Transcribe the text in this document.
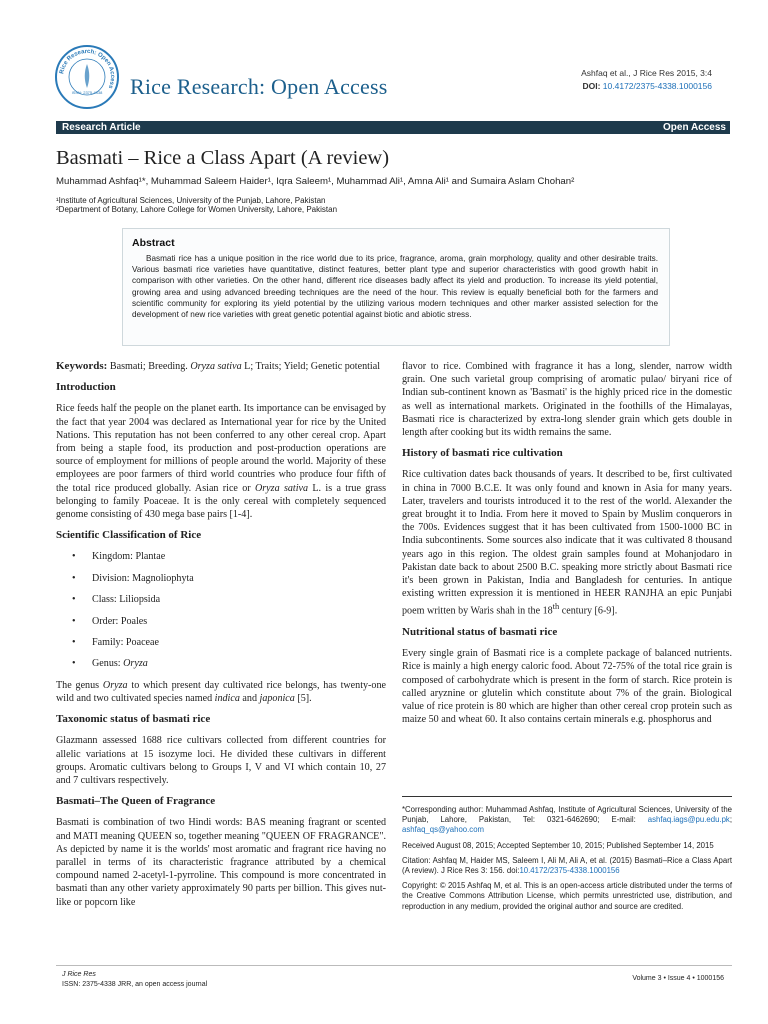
Rice Research: Open Access
ISSN: 2375-4338 Rice Research: Open Access
Ashfaq et al., J Rice Res 2015, 3:4
DOI: 10.4172/2375-4338.1000156
Research Article	Open Access
Basmati – Rice a Class Apart (A review)
Muhammad Ashfaq¹*, Muhammad Saleem Haider¹, Iqra Saleem¹, Muhammad Ali¹, Amna Ali¹ and Sumaira Aslam Chohan²
¹Institute of Agricultural Sciences, University of the Punjab, Lahore, Pakistan
²Department of Botany, Lahore College for Women University, Lahore, Pakistan
Abstract

Basmati rice has a unique position in the rice world due to its price, fragrance, aroma, grain morphology, quality and other desirable traits. Various basmati rice varieties have quantitative, distinct features, better plant type and superior characteristics with good growth habit in comparison with other varieties. On the other hand, different rice diseases badly affect its yield and production. To increase its yield potential, growing area and using advanced breeding techniques are the need of the hour. This review is equally beneficial both for the farmers and scientific community for exploring its yield potential by the utilizing various modern techniques and other marker assisted selection for the development of new rice varieties with great genetic potential against biotic and abiotic stress.

Keywords: Basmati; Breeding. Oryza sativa L; Traits; Yield; Genetic potential

Introduction

Rice feeds half the people on the planet earth. Its importance can be envisaged by the fact that year 2004 was declared as International year for rice by the United Nations. This reputation has not been conferred to any other cereal crop. Apart from being a staple food, its production and post-production operations are source of employment for millions of people around the world. Majority of these employees are poor farmers of third world countries who produce four fifth of the total rice produced globally. Asian rice or Oryza sativa L. is a true grass belonging to family Poaceae. It is the only cereal with completely sequenced genome consisting of 430 mega base pairs [1-4].

Scientific Classification of Rice
• Kingdom: Plantae
• Division: Magnoliophyta
• Class: Liliopsida
• Order: Poales
• Family: Poaceae
• Genus: Oryza

The genus Oryza to which present day cultivated rice belongs, has twenty-one wild and two cultivated species named indica and japonica [5].

Taxonomic status of basmati rice

Glazmann assessed 1688 rice cultivars collected from different countries for allelic variations at 15 isozyme loci. He divided these cultivars in different groups. Aromatic cultivars belong to Groups I, V and VI which contain 10, 27 and 7 cultivars respectively.

Basmati–The Queen of Fragrance

Basmati is combination of two Hindi words: BAS meaning fragrant or scented and MATI meaning QUEEN so, together meaning "QUEEN OF FRAGRANCE". As depicted by name it is the worlds' most aromatic and fragrant rice having no parallel in terms of its characteristic fragrance attributed by a chemical compound named 2-acetyl-1-pyrroline. This compound is more concentrated in basmati than any other variety approximately 90 parts per billion. This gives nut-like or popcorn like

flavor to rice. Combined with fragrance it has a long, slender, narrow width grain. One such varietal group comprising of aromatic pulao/ biryani rice of Indian sub-continent known as 'Basmati' is the highly priced rice in the domestic as well as international markets. Originated in the foothills of the Himalayas, Basmati rice is characterized by extra-long slender grain which gets double in length after cooking but its width remains the same.

History of basmati rice cultivation

Rice cultivation dates back thousands of years. It described to be, first cultivated in china in 7000 B.C.E. It was only found and known in Asia for many years. Later, travelers and tourists introduced it to the rest of the world. Alexander the great brought it to India. From here it moved to Spain by Muslim conquerors in the 700s. Evidences suggest that it has been cultivated from 1500-1000 BC in India subcontinents. Some sources also indicate that it was cultivated 8 thousand years ago in this region. The oldest grain samples found at Mohanjodaro in Pakistan date back to about 2500 B.C. speaking more strictly about Basmati rice it's been grown in Pakistan, India and Bangladesh for centuries. In antique existing written expression it is mentioned in HEER RANJHA an epic Punjabi poem written by Waris shah in the 18th century [6-9].

Nutritional status of basmati rice

Every single grain of Basmati rice is a complete package of balanced nutrients. Rice is mainly a high energy caloric food. About 72-75% of the total rice grain is composed of carbohydrate which is present in the form of starch. Rice protein is called aryznine or glutelin which constitute about 7% of the grain. Biological value of rice protein is 80 which are higher than other cereal crop protein such as maize 50 and wheat 60. It also contains certain minerals e.g. phosphorus and

*Corresponding author: Muhammad Ashfaq, Institute of Agricultural Sciences, University of the Punjab, Lahore, Pakistan, Tel: 0321-6462690; E-mail: ashfaq.iags@pu.edu.pk; ashfaq_qs@yahoo.com

Received August 08, 2015; Accepted September 10, 2015; Published September 14, 2015

Citation: Ashfaq M, Haider MS, Saleem I, Ali M, Ali A, et al. (2015) Basmati–Rice a Class Apart (A review). J Rice Res 3: 156. doi:10.4172/2375-4338.1000156

Copyright: © 2015 Ashfaq M, et al. This is an open-access article distributed under the terms of the Creative Commons Attribution License, which permits unrestricted use, distribution, and reproduction in any medium, provided the original author and source are credited.

J Rice Res
ISSN: 2375-4338 JRR, an open access journal
Volume 3 • Issue 4 • 1000156
